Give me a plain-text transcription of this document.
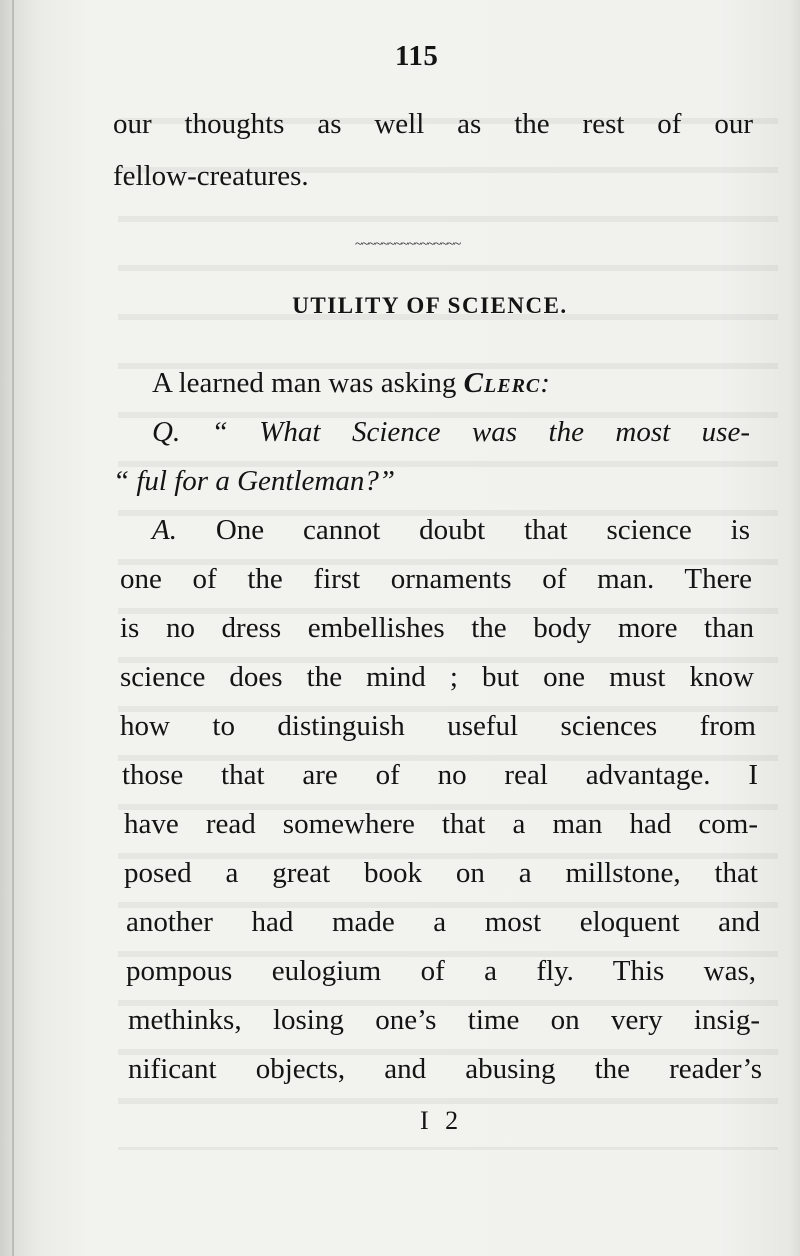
115
our thoughts as well as the rest of our
fellow-creatures.
~~~~~~~~~~~~~~~~
UTILITY OF SCIENCE.
A learned man was asking Clerc:
Q. “ What Science was the most use-
“ ful for a Gentleman?”
A. One cannot doubt that science is
one of the first ornaments of man. There
is no dress embellishes the body more than
science does the mind ; but one must know
how to distinguish useful sciences from
those that are of no real advantage. I
have read somewhere that a man had com-
posed a great book on a millstone, that
another had made a most eloquent and
pompous eulogium of a fly. This was,
methinks, losing one’s time on very insig-
nificant objects, and abusing the reader’s
I 2
